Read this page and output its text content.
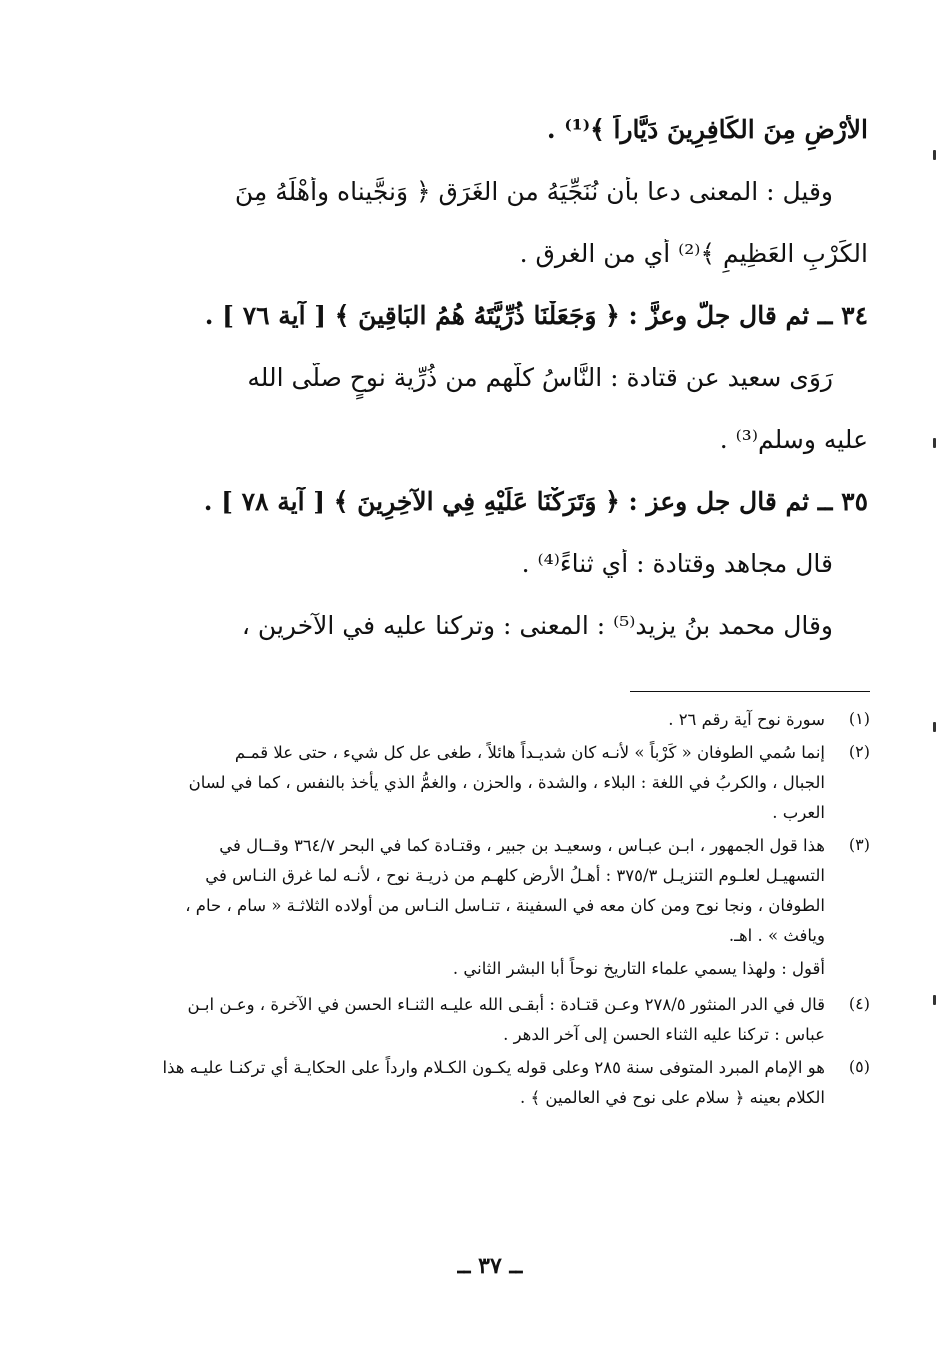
الأَرْضِ مِنَ الكَافِرِينَ دَيَّاراً ﴾⁽¹⁾ .

وقيل : المعنى دعا بأن نُنَجِّيَهُ من الغَرَق ﴿ وَنجَّيناه وأَهْلَهُ مِنَ

الكَرْبِ العَظِيمِ ﴾⁽²⁾ أي من الغرق .

٣٤ ــ ثم قال جلَّ وعزَّ : ﴿ وَجَعَلْنَا ذُرِّيَّتَهُ هُمُ البَاقِينَ ﴾ [ آية ٧٦ ] .

رَوَى سعيد عن قتادة : النَّاسُ كلُّهم من ذُرِّية نوحٍ صلَّى الله

عليه وسلم⁽³⁾ .

٣٥ ــ ثم قال جل وعز : ﴿ وَتَرَكْنَا عَلَيْهِ فِي الآخِرِينَ ﴾ [ آية ٧٨ ] .

قال مجاهد وقتادة : أي ثناءً⁽⁴⁾ .

وقال محمد بنُ يزيد⁽⁵⁾ : المعنى : وتركنا عليه في الآخرين ،

(١)

سورة نوح آية رقم ٢٦ .

(٢)

إنما سُمي الطوفان « كَرْباً » لأنـه كان شديـداً هائلاً ، طغى عل كل شيء ، حتى علا قمـم

الجبال ، والكربُ في اللغة : البلاء ، والشدة ، والحزن ، والغمُّ الذي يأخذ بالنفس ، كما في لسان

العرب .

(٣)

هذا قول الجمهور ، ابـن عبـاس ، وسعيـد بن جبير ، وقتـادة كما في البحر ٣٦٤/٧ وقــال في

التسهيـل لعلـوم التنزيـل ٣٧٥/٣ : أهـلُ الأرض كلهـم من ذريـة نوح ، لأنـه لما غرق النـاس في

الطوفان ، ونجا نوح ومن كان معه في السفينة ، تنـاسل النـاس من أولاده الثلاثـة « سام ، حام ،

ويافث » . اهـ.

أقول : ولهذا يسمي علماء التاريخ نوحاً أبا البشر الثاني .
(٤)

قال في الدر المنثور ٢٧٨/٥ وعـن قتـادة : أبقـى الله عليـه الثنـاء الحسن في الآخرة ، وعـن ابـن

عباس : تركنا عليه الثناء الحسن إلى آخر الدهر .

(٥)

هو الإمام المبرد المتوفى سنة ٢٨٥ وعلى قوله يكـون الكـلام وارداً على الحكايـة أي تركنـا عليـه هذا

الكلام بعينه ﴿ سلام على نوح في العالمين ﴾ .

ــ ٣٧ ــ
